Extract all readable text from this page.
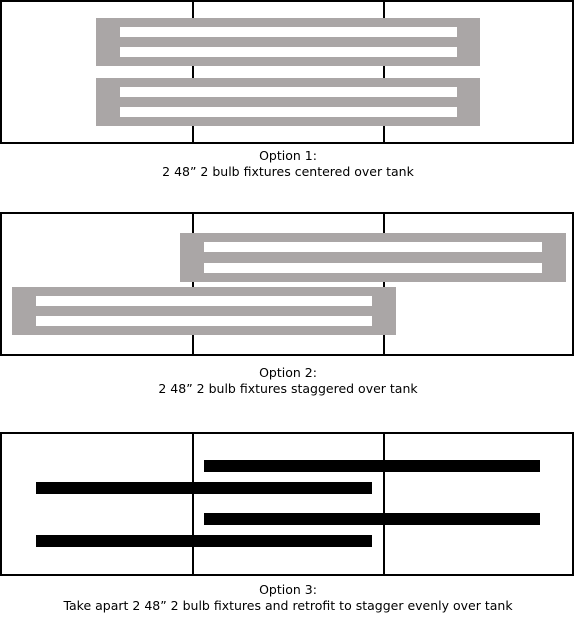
Option 1:
2 48” 2 bulb fixtures centered over tank
Option 2:
2 48” 2 bulb fixtures staggered over tank
Option 3:
Take apart 2 48” 2 bulb fixtures and retrofit to stagger evenly over tank
